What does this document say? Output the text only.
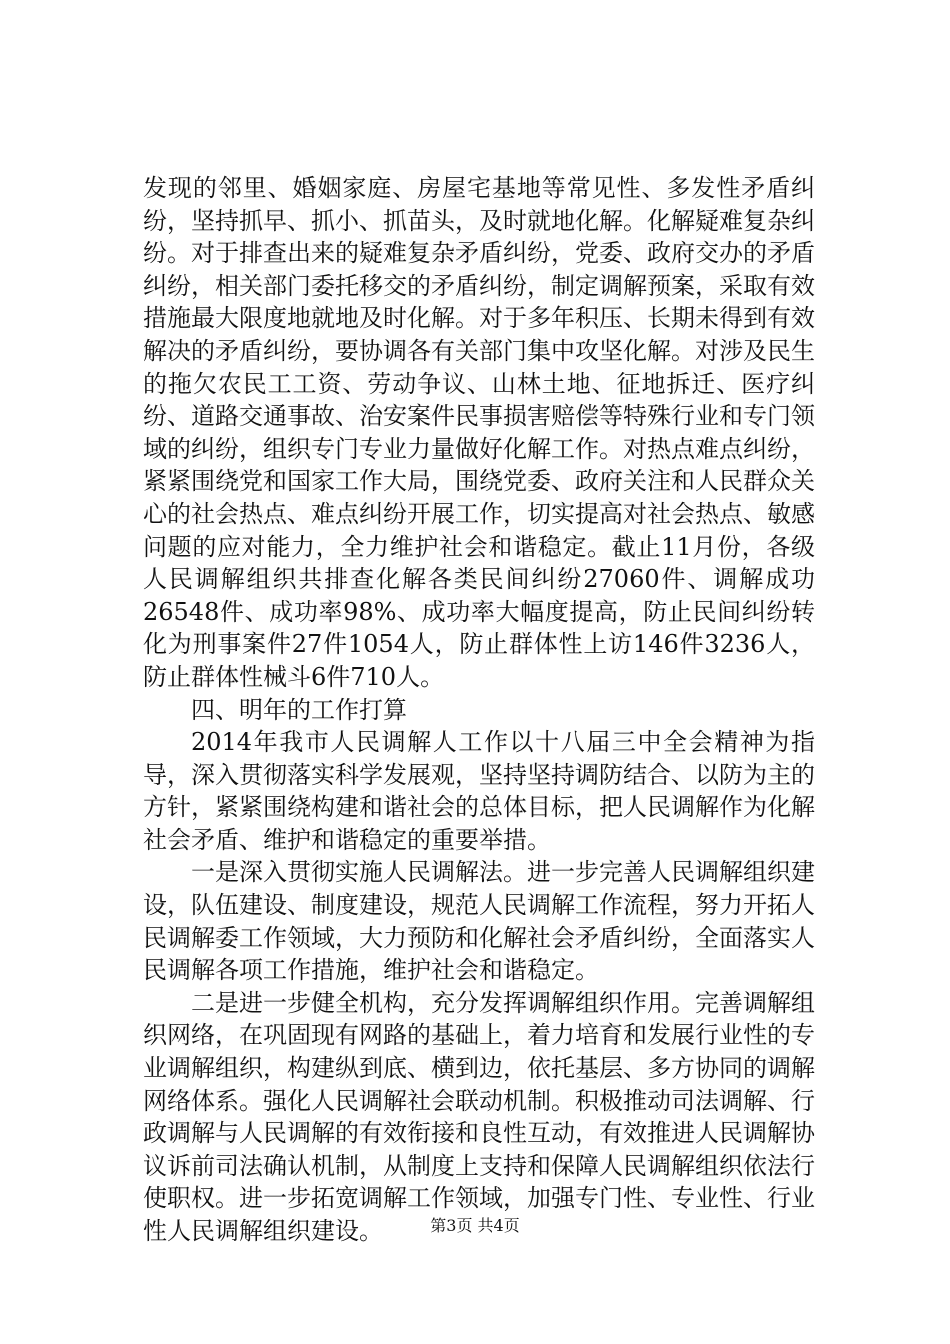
发现的邻里、婚姻家庭、房屋宅基地等常见性、多发性矛盾纠纷，坚持抓早、抓小、抓苗头，及时就地化解。化解疑难复杂纠纷。对于排查出来的疑难复杂矛盾纠纷，党委、政府交办的矛盾纠纷，相关部门委托移交的矛盾纠纷，制定调解预案，采取有效措施最大限度地就地及时化解。对于多年积压、长期未得到有效解决的矛盾纠纷，要协调各有关部门集中攻坚化解。对涉及民生的拖欠农民工工资、劳动争议、山林土地、征地拆迁、医疗纠纷、道路交通事故、治安案件民事损害赔偿等特殊行业和专门领域的纠纷，组织专门专业力量做好化解工作。对热点难点纠纷，紧紧围绕党和国家工作大局，围绕党委、政府关注和人民群众关心的社会热点、难点纠纷开展工作，切实提高对社会热点、敏感问题的应对能力，全力维护社会和谐稳定。截止11月份，各级人民调解组织共排查化解各类民间纠纷27060件、调解成功26548件、成功率98%、成功率大幅度提高，防止民间纠纷转化为刑事案件27件1054人，防止群体性上访146件3236人，防止群体性械斗6件710人。

四、明年的工作打算

2014年我市人民调解人工作以十八届三中全会精神为指导，深入贯彻落实科学发展观，坚持坚持调防结合、以防为主的方针，紧紧围绕构建和谐社会的总体目标，把人民调解作为化解社会矛盾、维护和谐稳定的重要举措。

一是深入贯彻实施人民调解法。进一步完善人民调解组织建设，队伍建设、制度建设，规范人民调解工作流程，努力开拓人民调解委工作领域，大力预防和化解社会矛盾纠纷，全面落实人民调解各项工作措施，维护社会和谐稳定。

二是进一步健全机构，充分发挥调解组织作用。完善调解组织网络，在巩固现有网路的基础上，着力培育和发展行业性的专业调解组织，构建纵到底、横到边，依托基层、多方协同的调解网络体系。强化人民调解社会联动机制。积极推动司法调解、行政调解与人民调解的有效衔接和良性互动，有效推进人民调解协议诉前司法确认机制，从制度上支持和保障人民调解组织依法行使职权。进一步拓宽调解工作领域，加强专门性、专业性、行业性人民调解组织建设。	第3页 共4页
